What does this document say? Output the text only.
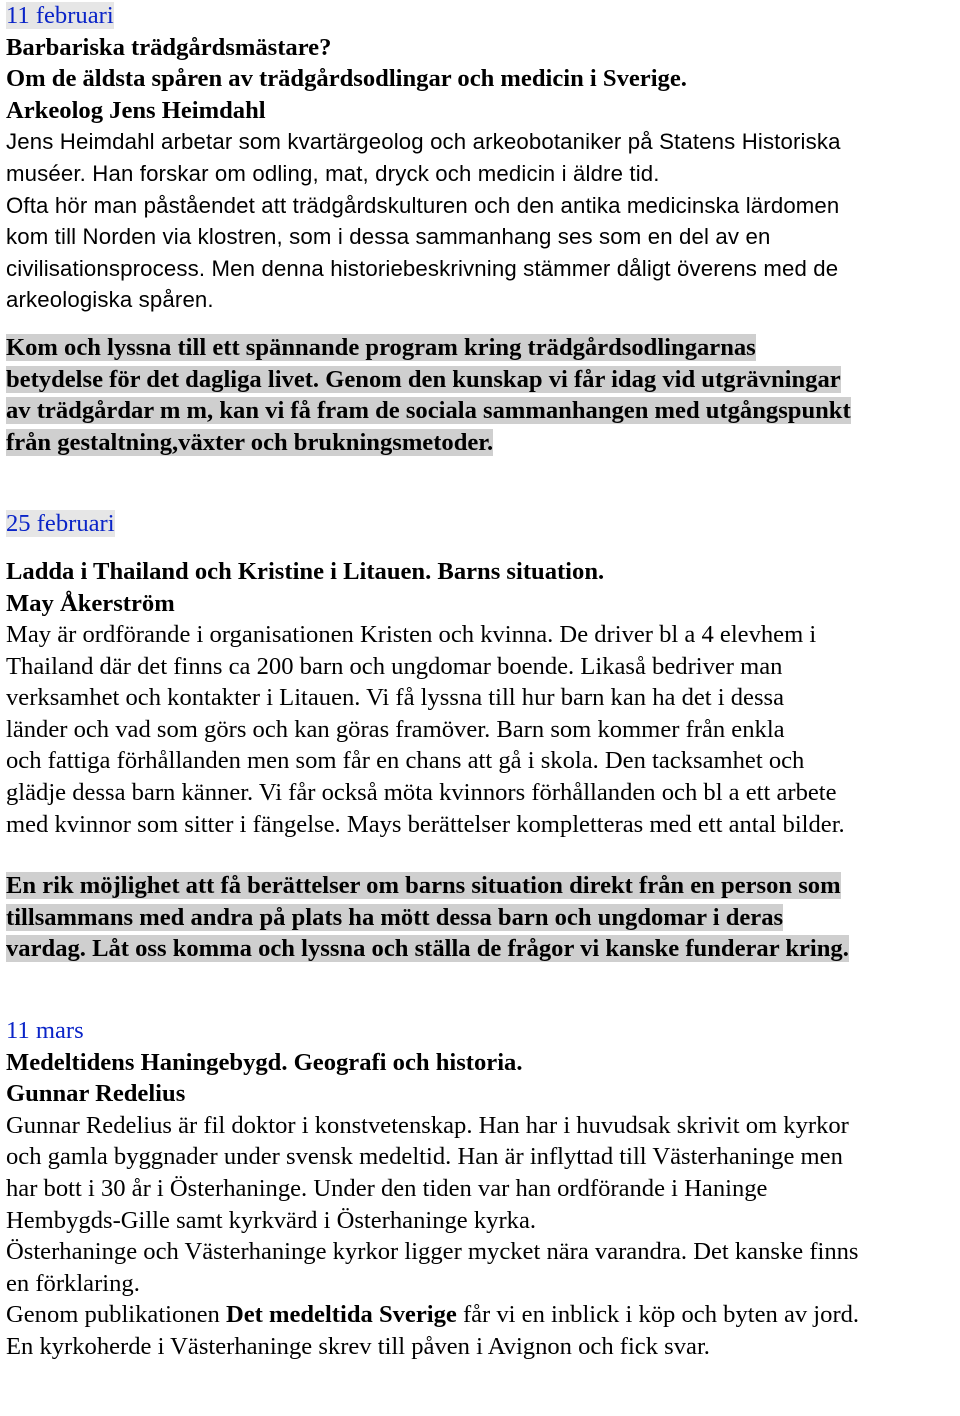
11 februari

Barbariska trädgårdsmästare?

Om de äldsta spåren av trädgårdsodlingar och medicin i Sverige.

Arkeolog Jens Heimdahl

Jens Heimdahl arbetar som kvartärgeolog och arkeobotaniker på Statens Historiska

muséer. Han forskar om odling, mat, dryck och medicin i äldre tid.

Ofta hör man påståendet att trädgårdskulturen och den antika medicinska lärdomen

kom till Norden via klostren, som i dessa sammanhang ses som en del av en

civilisationsprocess. Men denna historiebeskrivning stämmer dåligt överens med de

arkeologiska spåren.

Kom och lyssna till ett spännande program kring trädgårdsodlingarnas

betydelse för det dagliga livet. Genom den kunskap vi får idag vid utgrävningar

av trädgårdar m m, kan vi få fram de sociala sammanhangen med utgångspunkt

från gestaltning,växter och brukningsmetoder.

25 februari

Ladda i Thailand och Kristine i Litauen. Barns situation.

May Åkerström

May är ordförande i organisationen Kristen och kvinna. De driver bl a 4 elevhem i

Thailand där det finns ca 200 barn och ungdomar boende. Likaså bedriver man

verksamhet och kontakter i Litauen. Vi få lyssna till hur barn kan ha det i dessa

länder och vad som görs och kan göras framöver. Barn som kommer från enkla

och fattiga förhållanden men som får en chans att gå i skola. Den tacksamhet och

glädje dessa barn känner. Vi får också möta kvinnors förhållanden och bl a ett arbete

med kvinnor som sitter i fängelse. Mays berättelser kompletteras med ett antal bilder.

En rik möjlighet att få berättelser om barns situation direkt från en person som

tillsammans med andra på plats ha mött dessa barn och ungdomar i deras

vardag. Låt oss komma och lyssna och ställa de frågor vi kanske funderar kring.

11 mars

Medeltidens Haningebygd. Geografi och historia.

Gunnar Redelius

Gunnar Redelius är fil doktor i konstvetenskap. Han har i huvudsak skrivit om kyrkor

och gamla byggnader under svensk medeltid. Han är inflyttad till Västerhaninge men

har bott i 30 år i Österhaninge. Under den tiden var han ordförande i Haninge

Hembygds-Gille samt kyrkvärd i Österhaninge kyrka.

Österhaninge och Västerhaninge kyrkor ligger mycket nära varandra. Det kanske finns

en förklaring.

Genom publikationen Det medeltida Sverige får vi en inblick i köp och byten av jord.

En kyrkoherde i Västerhaninge skrev till påven i Avignon och fick svar.
